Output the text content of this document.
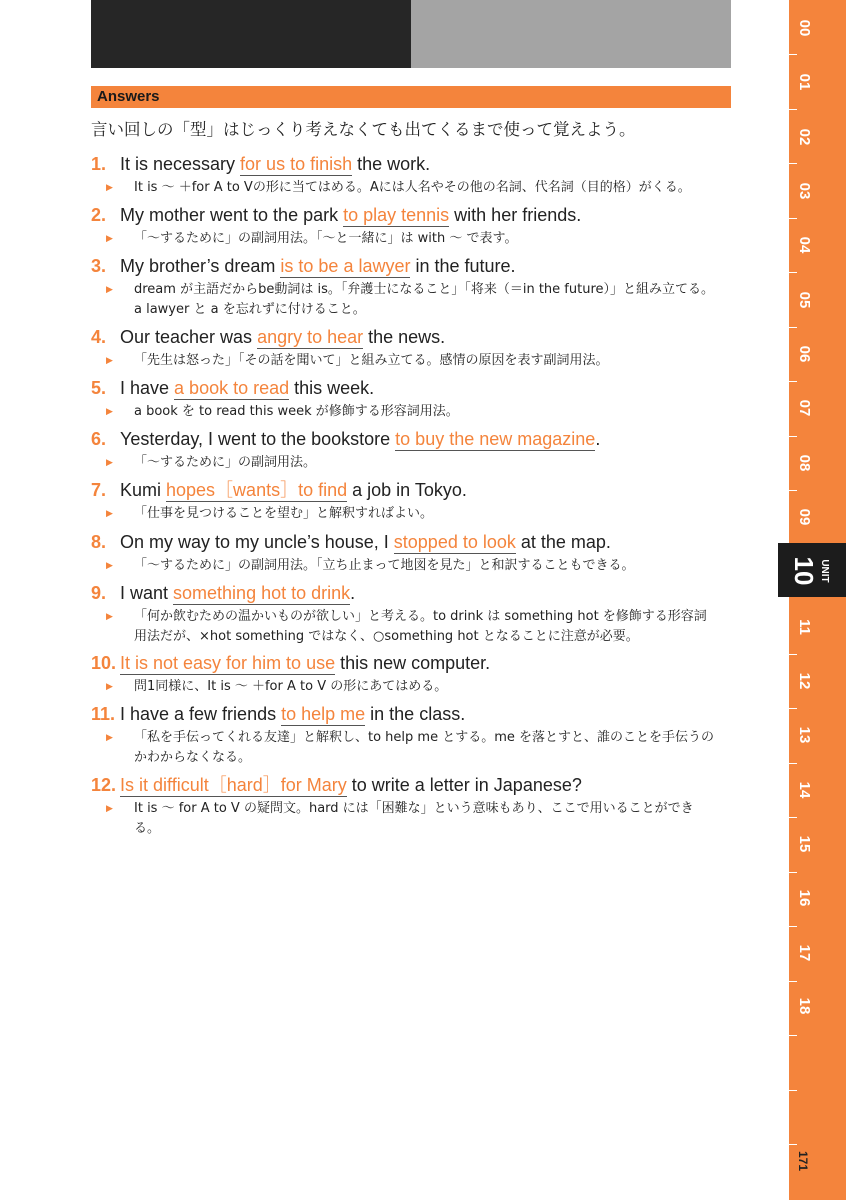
Answers
言い回しの「型」はじっくり考えなくても出てくるまで使って覚えよう。
1. It is necessary for us to finish the work.
▶ It is ～ ＋for A to Vの形に当てはめる。Aには人名やその他の名詞、代名詞（目的格）がくる。
2. My mother went to the park to play tennis with her friends.
▶ 「～するために」の副詞用法。「～と一緒に」は with ～ で表す。
3. My brother’s dream is to be a lawyer in the future.
▶ dream が主語だからbe動詞は is。「弁護士になること」「将来（＝in the future）」と組み立てる。
a lawyer と a を忘れずに付けること。
4. Our teacher was angry to hear the news.
▶ 「先生は怒った」「その話を聞いて」と組み立てる。感情の原因を表す副詞用法。
5. I have a book to read this week.
▶ a book を to read this week が修飾する形容詞用法。
6. Yesterday, I went to the bookstore to buy the new magazine.
▶ 「～するために」の副詞用法。
7. Kumi hopes［wants］to find a job in Tokyo.
▶ 「仕事を見つけることを望む」と解釈すればよい。
8. On my way to my uncle’s house, I stopped to look at the map.
▶ 「～するために」の副詞用法。「立ち止まって地図を見た」と和訳することもできる。
9. I want something hot to drink.
▶ 「何か飲むための温かいものが欲しい」と考える。to drink は something hot を修飾する形容詞
用法だが、×hot something ではなく、○something hot となることに注意が必要。
10. It is not easy for him to use this new computer.
▶ 問1同様に、It is ～ ＋for A to V の形にあてはめる。
11. I have a few friends to help me in the class.
▶ 「私を手伝ってくれる友達」と解釈し、to help me とする。me を落とすと、誰のことを手伝うの
かわからなくなる。
12. Is it difficult［hard］for Mary to write a letter in Japanese?
▶ It is ～ for A to V の疑問文。hard には「困難な」という意味もあり、ここで用いることができ
る。
00
01
02
03
04
05
06
07
08
09
11
12
13
14
15
16
17
18
UNIT
10
171
